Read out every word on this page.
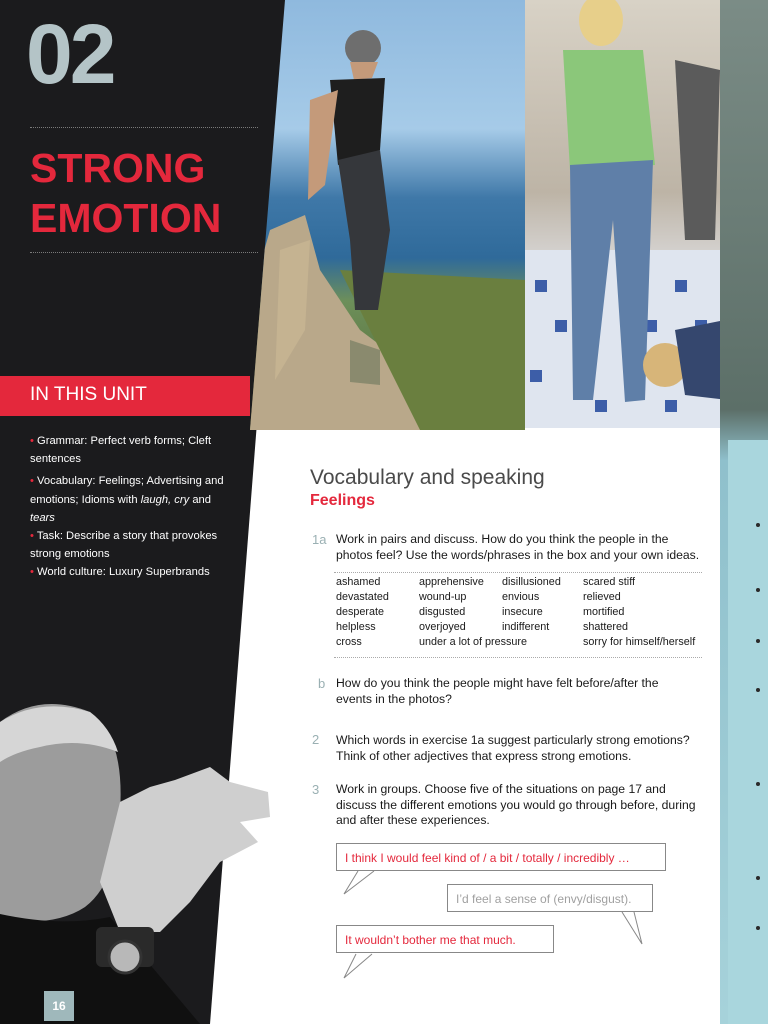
02
STRONG
EMOTION
IN THIS UNIT
• Grammar: Perfect verb forms; Cleft sentences
• Vocabulary: Feelings; Advertising and emotions; Idioms with laugh, cry and tears
• Task: Describe a story that provokes strong emotions
• World culture: Luxury Superbrands
16
Vocabulary and speaking
Feelings
1a Work in pairs and discuss. How do you think the people in the photos feel? Use the words/phrases in the box and your own ideas.
ashamed
devastated
desperate
helpless
cross
apprehensive
wound-up
disgusted
overjoyed
under a lot of pressure
disillusioned
envious
insecure
indifferent
scared stiff
relieved
mortified
shattered
sorry for himself/herself
b How do you think the people might have felt before/after the events in the photos?
2 Which words in exercise 1a suggest particularly strong emotions? Think of other adjectives that express strong emotions.
3 Work in groups. Choose five of the situations on page 17 and discuss the different emotions you would go through before, during and after these experiences.
I think I would feel kind of / a bit / totally / incredibly …
I’d feel a sense of (envy/disgust).
It wouldn’t bother me that much.
